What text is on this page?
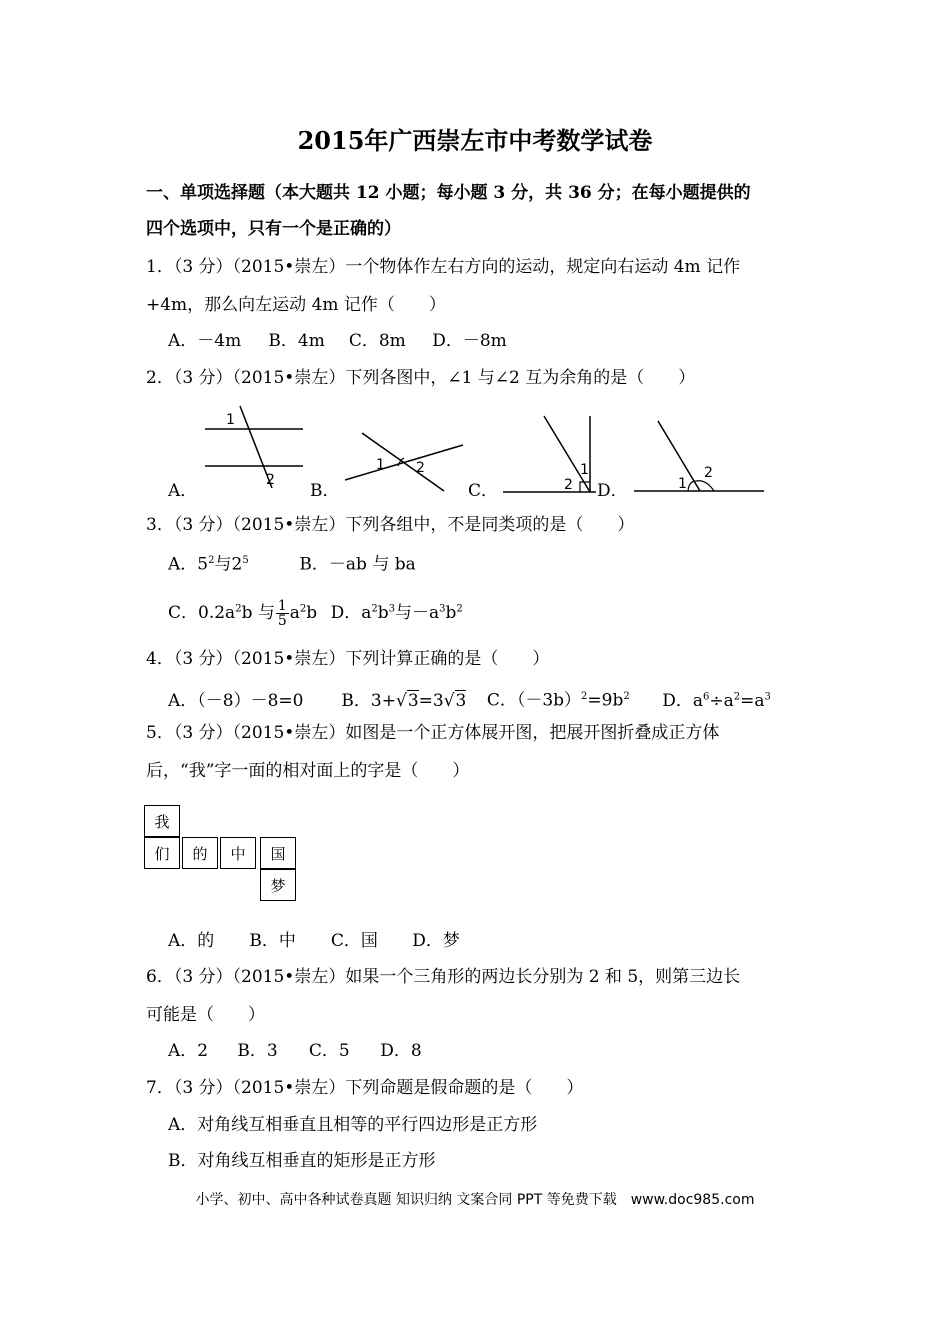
2015年广西崇左市中考数学试卷
一、单项选择题（本大题共 12 小题；每小题 3 分，共 36 分；在每小题提供的
四个选项中，只有一个是正确的）
1．（3 分）（2015•崇左）一个物体作左右方向的运动，规定向右运动 4m 记作
+4m，那么向左运动 4m 记作（　　）
A．－4m B．4m C．8m D．－8m
2．（3 分）（2015•崇左）下列各图中，∠1 与∠2 互为余角的是（　　）
A．
1
2
B．
1 2
C．
1
2 D．	1
2
3．（3 分）（2015•崇左）下列各组中，不是同类项的是（　　）
A．$5^2$与$2^5$	B．－ab 与 ba
C．$0.2a^2b$ 与 $\frac{1}{5} a^2b$ D．$a^2b^3$与$-a^3b^2$
4．（3 分）（2015•崇左）下列计算正确的是（　　）
A．（－8）－8=0 B．3+√3=3√3 C．$(-3b)^2=9b^2$ D．$a^6\div a^2=a^3$
5．（3 分）（2015•崇左）如图是一个正方体展开图，把展开图折叠成正方体
后，“我”字一面的相对面上的字是（　　）
我
们	的	中	国
梦
A．的 B．中 C．国 D．梦
6．（3 分）（2015•崇左）如果一个三角形的两边长分别为 2 和 5，则第三边长
可能是（　　）
A．2 B．3 C．5 D．8
7．（3 分）（2015•崇左）下列命题是假命题的是（　　）
A．对角线互相垂直且相等的平行四边形是正方形
B．对角线互相垂直的矩形是正方形
小学、初中、高中各种试卷真题 知识归纳 文案合同 PPT 等免费下载　www.doc985.com
